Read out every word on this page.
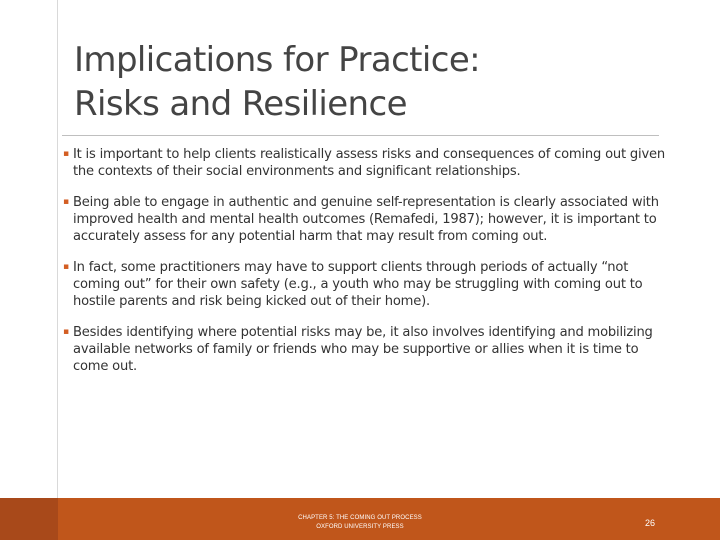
Implications for Practice:
Risks and Resilience
▪ It is important to help clients realistically assess risks and consequences of coming out given the contexts of their social environments and significant relationships.
▪ Being able to engage in authentic and genuine self-representation is clearly associated with improved health and mental health outcomes (Remafedi, 1987); however, it is important to accurately assess for any potential harm that may result from coming out.
▪ In fact, some practitioners may have to support clients through periods of actually “not coming out” for their own safety (e.g., a youth who may be struggling with coming out to hostile parents and risk being kicked out of their home).
▪ Besides identifying where potential risks may be, it also involves identifying and mobilizing available networks of family or friends who may be supportive or allies when it is time to come out.
CHAPTER 5: THE COMING OUT PROCESS
OXFORD UNIVERSITY PRESS	26
